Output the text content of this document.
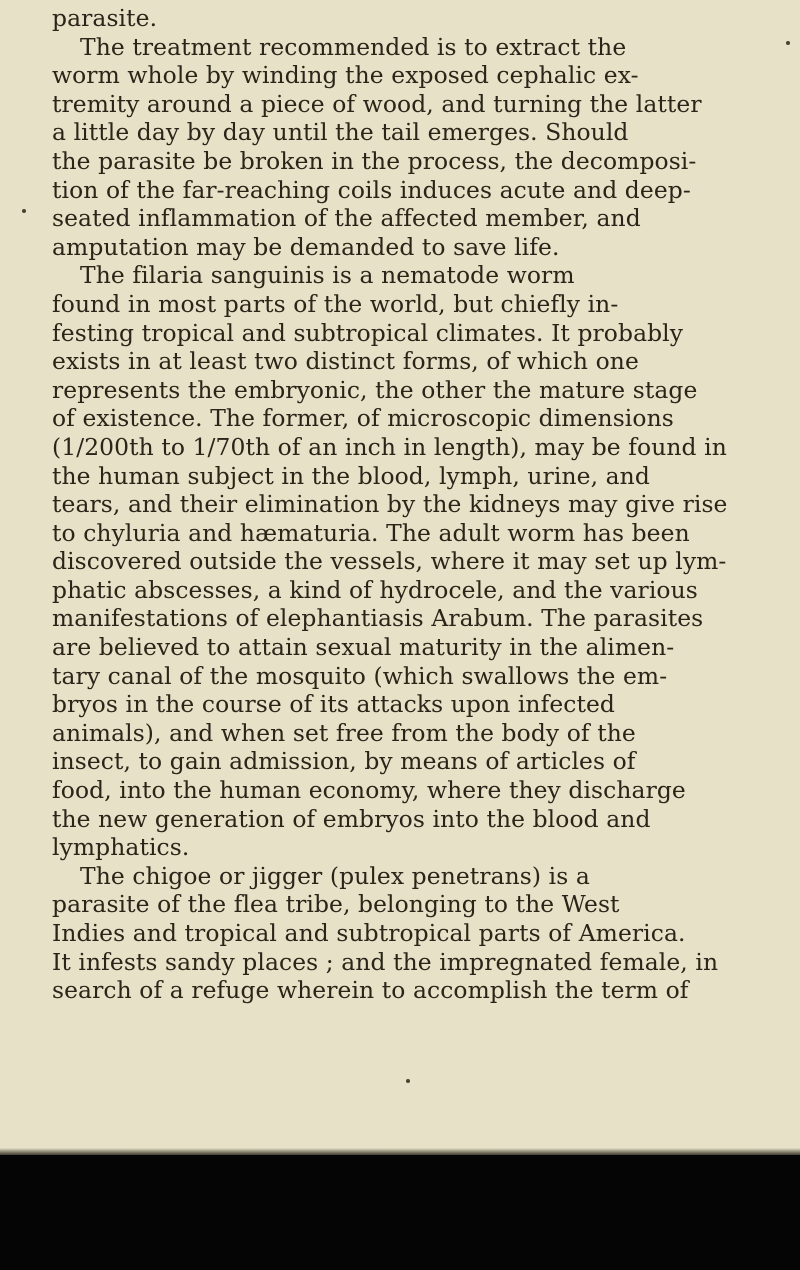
parasite.
The treatment recommended is to extract the
worm whole by winding the exposed cephalic ex-
tremity around a piece of wood, and turning the latter
a little day by day until the tail emerges. Should
the parasite be broken in the process, the decomposi-
tion of the far-reaching coils induces acute and deep-
seated inflammation of the affected member, and
amputation may be demanded to save life.
The filaria sanguinis is a nematode worm
found in most parts of the world, but chiefly in-
festing tropical and subtropical climates. It probably
exists in at least two distinct forms, of which one
represents the embryonic, the other the mature stage
of existence. The former, of microscopic dimensions
(1/200th to 1/70th of an inch in length), may be found in
the human subject in the blood, lymph, urine, and
tears, and their elimination by the kidneys may give rise
to chyluria and hæmaturia. The adult worm has been
discovered outside the vessels, where it may set up lym-
phatic abscesses, a kind of hydrocele, and the various
manifestations of elephantiasis Arabum. The parasites
are believed to attain sexual maturity in the alimen-
tary canal of the mosquito (which swallows the em-
bryos in the course of its attacks upon infected
animals), and when set free from the body of the
insect, to gain admission, by means of articles of
food, into the human economy, where they discharge
the new generation of embryos into the blood and
lymphatics.
The chigoe or jigger (pulex penetrans) is a
parasite of the flea tribe, belonging to the West
Indies and tropical and subtropical parts of America.
It infests sandy places ; and the impregnated female, in
search of a refuge wherein to accomplish the term of
